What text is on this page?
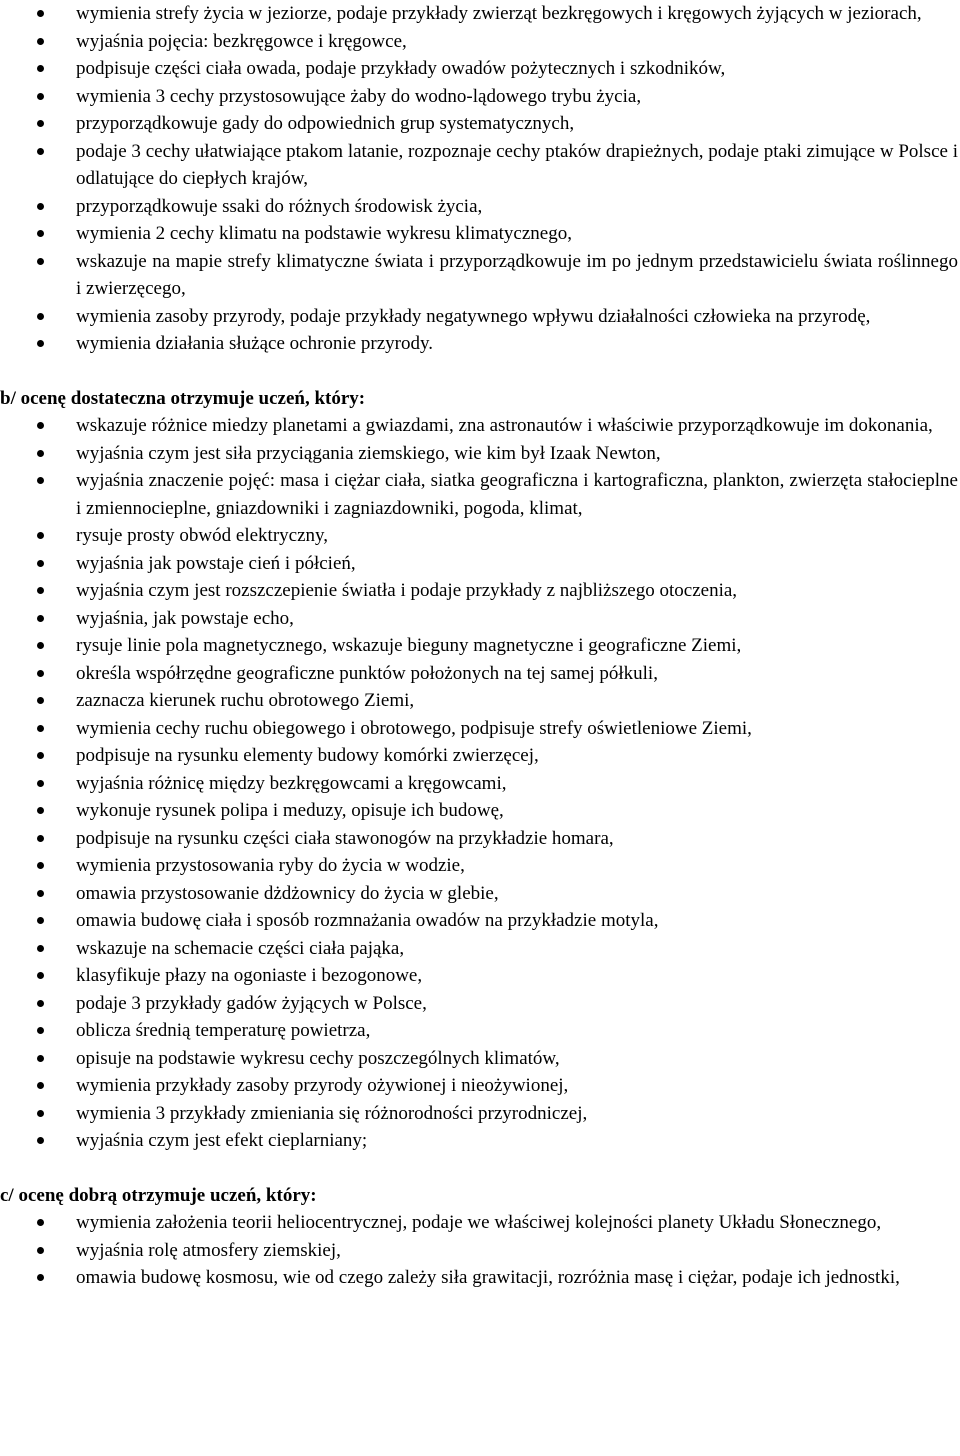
wymienia strefy życia w jeziorze, podaje przykłady zwierząt bezkręgowych i kręgowych żyjących w jeziorach,
wyjaśnia pojęcia: bezkręgowce i kręgowce,
podpisuje części ciała owada, podaje przykłady owadów pożytecznych i szkodników,
wymienia 3 cechy przystosowujące żaby do wodno-lądowego trybu życia,
przyporządkowuje gady do odpowiednich grup systematycznych,
podaje 3 cechy ułatwiające ptakom latanie, rozpoznaje cechy ptaków drapieżnych, podaje ptaki zimujące w Polsce i odlatujące do ciepłych krajów,
przyporządkowuje ssaki do różnych środowisk życia,
wymienia 2 cechy klimatu na podstawie wykresu klimatycznego,
wskazuje na mapie strefy klimatyczne świata i przyporządkowuje im po jednym przedstawicielu świata roślinnego i zwierzęcego,
wymienia zasoby przyrody, podaje przykłady negatywnego wpływu działalności człowieka na przyrodę,
wymienia działania służące ochronie przyrody.

b/ ocenę dostateczna otrzymuje uczeń, który:

wskazuje różnice miedzy planetami a gwiazdami, zna astronautów i właściwie przyporządkowuje im dokonania,
wyjaśnia czym jest siła przyciągania ziemskiego, wie kim był Izaak Newton,
wyjaśnia znaczenie pojęć: masa i ciężar ciała, siatka geograficzna i kartograficzna, plankton, zwierzęta stałocieplne i zmiennocieplne, gniazdowniki i zagniazdowniki, pogoda, klimat,
rysuje prosty obwód elektryczny,
wyjaśnia jak powstaje cień i półcień,
wyjaśnia czym jest rozszczepienie światła i podaje przykłady z najbliższego otoczenia,
wyjaśnia, jak powstaje echo,
rysuje linie pola magnetycznego, wskazuje bieguny magnetyczne i geograficzne Ziemi,
określa współrzędne geograficzne punktów położonych na tej samej półkuli,
zaznacza kierunek ruchu obrotowego Ziemi,
wymienia cechy ruchu obiegowego i obrotowego, podpisuje strefy oświetleniowe Ziemi,
podpisuje na rysunku elementy budowy komórki zwierzęcej,
wyjaśnia różnicę między bezkręgowcami a kręgowcami,
wykonuje rysunek polipa i meduzy, opisuje ich budowę,
podpisuje na rysunku części ciała stawonogów na przykładzie homara,
wymienia przystosowania ryby do życia w wodzie,
omawia przystosowanie dżdżownicy do życia w glebie,
omawia budowę ciała i sposób rozmnażania owadów na przykładzie motyla,
wskazuje na schemacie części ciała pająka,
klasyfikuje płazy na ogoniaste i bezogonowe,
podaje 3 przykłady gadów żyjących w Polsce,
oblicza średnią temperaturę powietrza,
opisuje na podstawie wykresu cechy poszczególnych klimatów,
wymienia przykłady zasoby przyrody ożywionej i nieożywionej,
wymienia 3 przykłady zmieniania się różnorodności przyrodniczej,
wyjaśnia czym jest efekt cieplarniany;

c/ ocenę dobrą otrzymuje uczeń, który:

wymienia założenia teorii heliocentrycznej, podaje we właściwej kolejności planety Układu Słonecznego,
wyjaśnia rolę atmosfery ziemskiej,
omawia budowę kosmosu, wie od czego zależy siła grawitacji, rozróżnia masę i ciężar, podaje ich jednostki,
